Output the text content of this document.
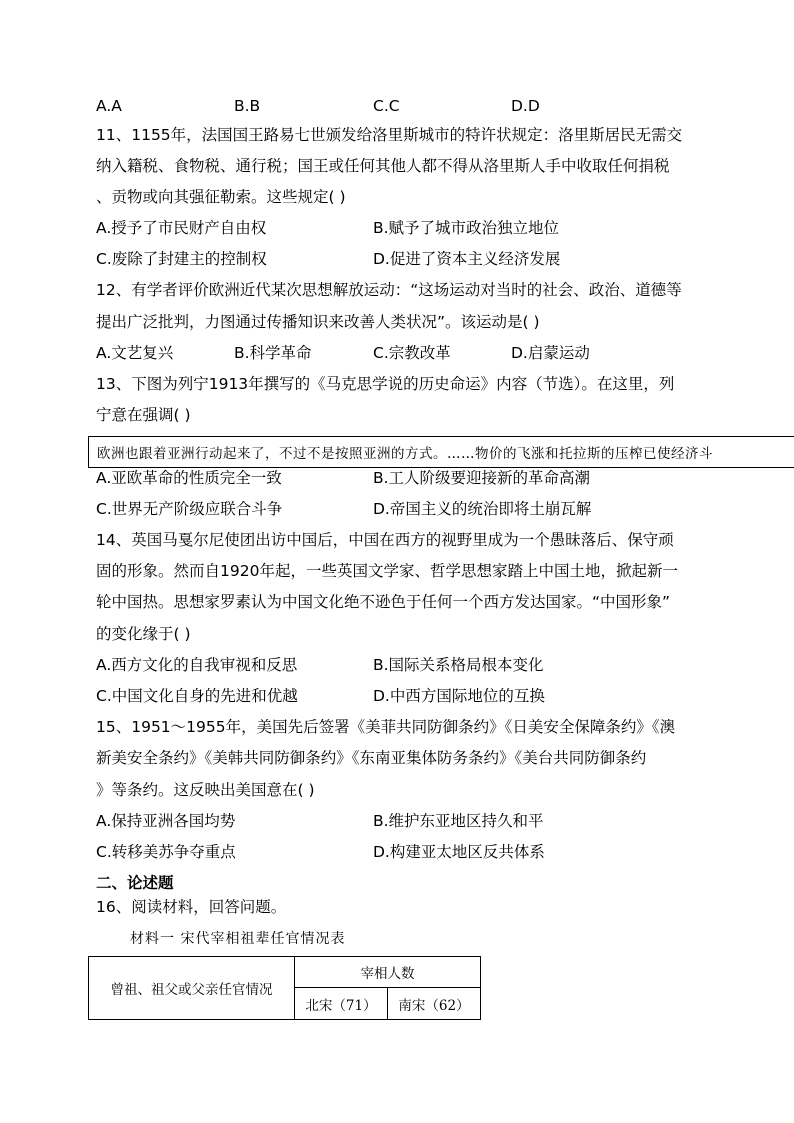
A.A	B.B	C.C	D.D
11、1155年，法国国王路易七世颁发给洛里斯城市的特许状规定：洛里斯居民无需交
纳入籍税、食物税、通行税；国王或任何其他人都不得从洛里斯人手中收取任何捐税
、贡物或向其强征勒索。这些规定( )
A.授予了市民财产自由权	B.赋予了城市政治独立地位
C.废除了封建主的控制权	D.促进了资本主义经济发展
12、有学者评价欧洲近代某次思想解放运动：“这场运动对当时的社会、政治、道德等
提出广泛批判，力图通过传播知识来改善人类状况”。该运动是( )
A.文艺复兴	B.科学革命	C.宗教改革	D.启蒙运动
13、下图为列宁1913年撰写的《马克思学说的历史命运》内容（节选）。在这里，列
宁意在强调( )
欧洲也跟着亚洲行动起来了，不过不是按照亚洲的方式。……物价的飞涨和托拉斯的压榨已使经济斗
A.亚欧革命的性质完全一致	B.工人阶级要迎接新的革命高潮
C.世界无产阶级应联合斗争	D.帝国主义的统治即将土崩瓦解
14、英国马戛尔尼使团出访中国后，中国在西方的视野里成为一个愚昧落后、保守顽
固的形象。然而自1920年起，一些英国文学家、哲学思想家踏上中国土地，掀起新一
轮中国热。思想家罗素认为中国文化绝不逊色于任何一个西方发达国家。“中国形象”
的变化缘于( )
A.西方文化的自我审视和反思	B.国际关系格局根本变化
C.中国文化自身的先进和优越	D.中西方国际地位的互换
15、1951～1955年，美国先后签署《美菲共同防御条约》《日美安全保障条约》《澳
新美安全条约》《美韩共同防御条约》《东南亚集体防务条约》《美台共同防御条约
》等条约。这反映出美国意在( )
A.保持亚洲各国均势	B.维护东亚地区持久和平
C.转移美苏争夺重点	D.构建亚太地区反共体系
二、论述题
16、阅读材料，回答问题。
材料一 宋代宰相祖辈任官情况表
曾祖、祖父或父亲任官情况	宰相人数	
	北宋（71）	南宋（62）
